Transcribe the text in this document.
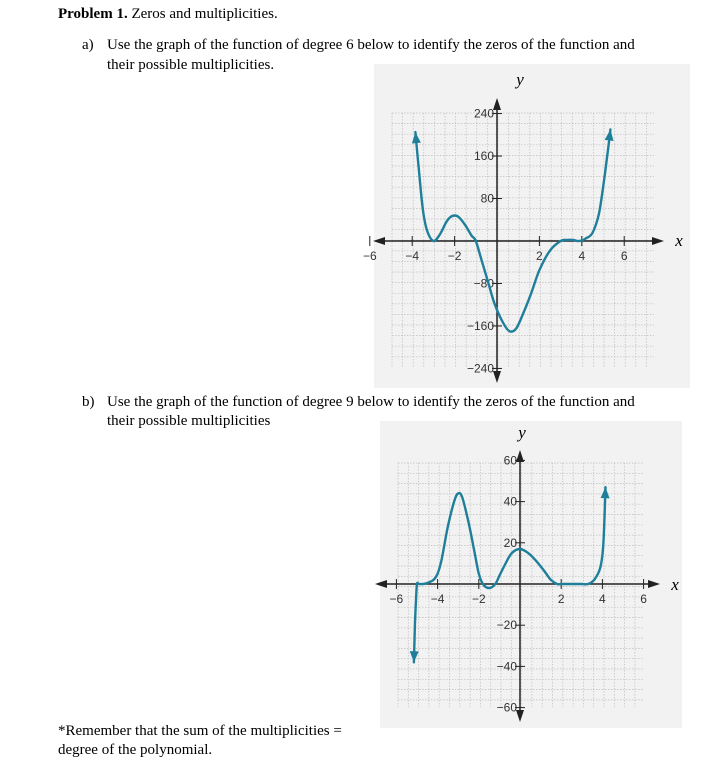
Problem 1. Zeros and multiplicities.
a) Use the graph of the function of degree 6 below to identify the zeros of the function and
their possible multiplicities.
y
x
−6 −4 −2	2	4	6
240
160
80
−80
−160
−240
b) Use the graph of the function of degree 9 below to identify the zeros of the function and
their possible multiplicities
y
x
−6 −4 −2	2	4	6
60
40
20
−20
−40
−60
*Remember that the sum of the multiplicities =
degree of the polynomial.
